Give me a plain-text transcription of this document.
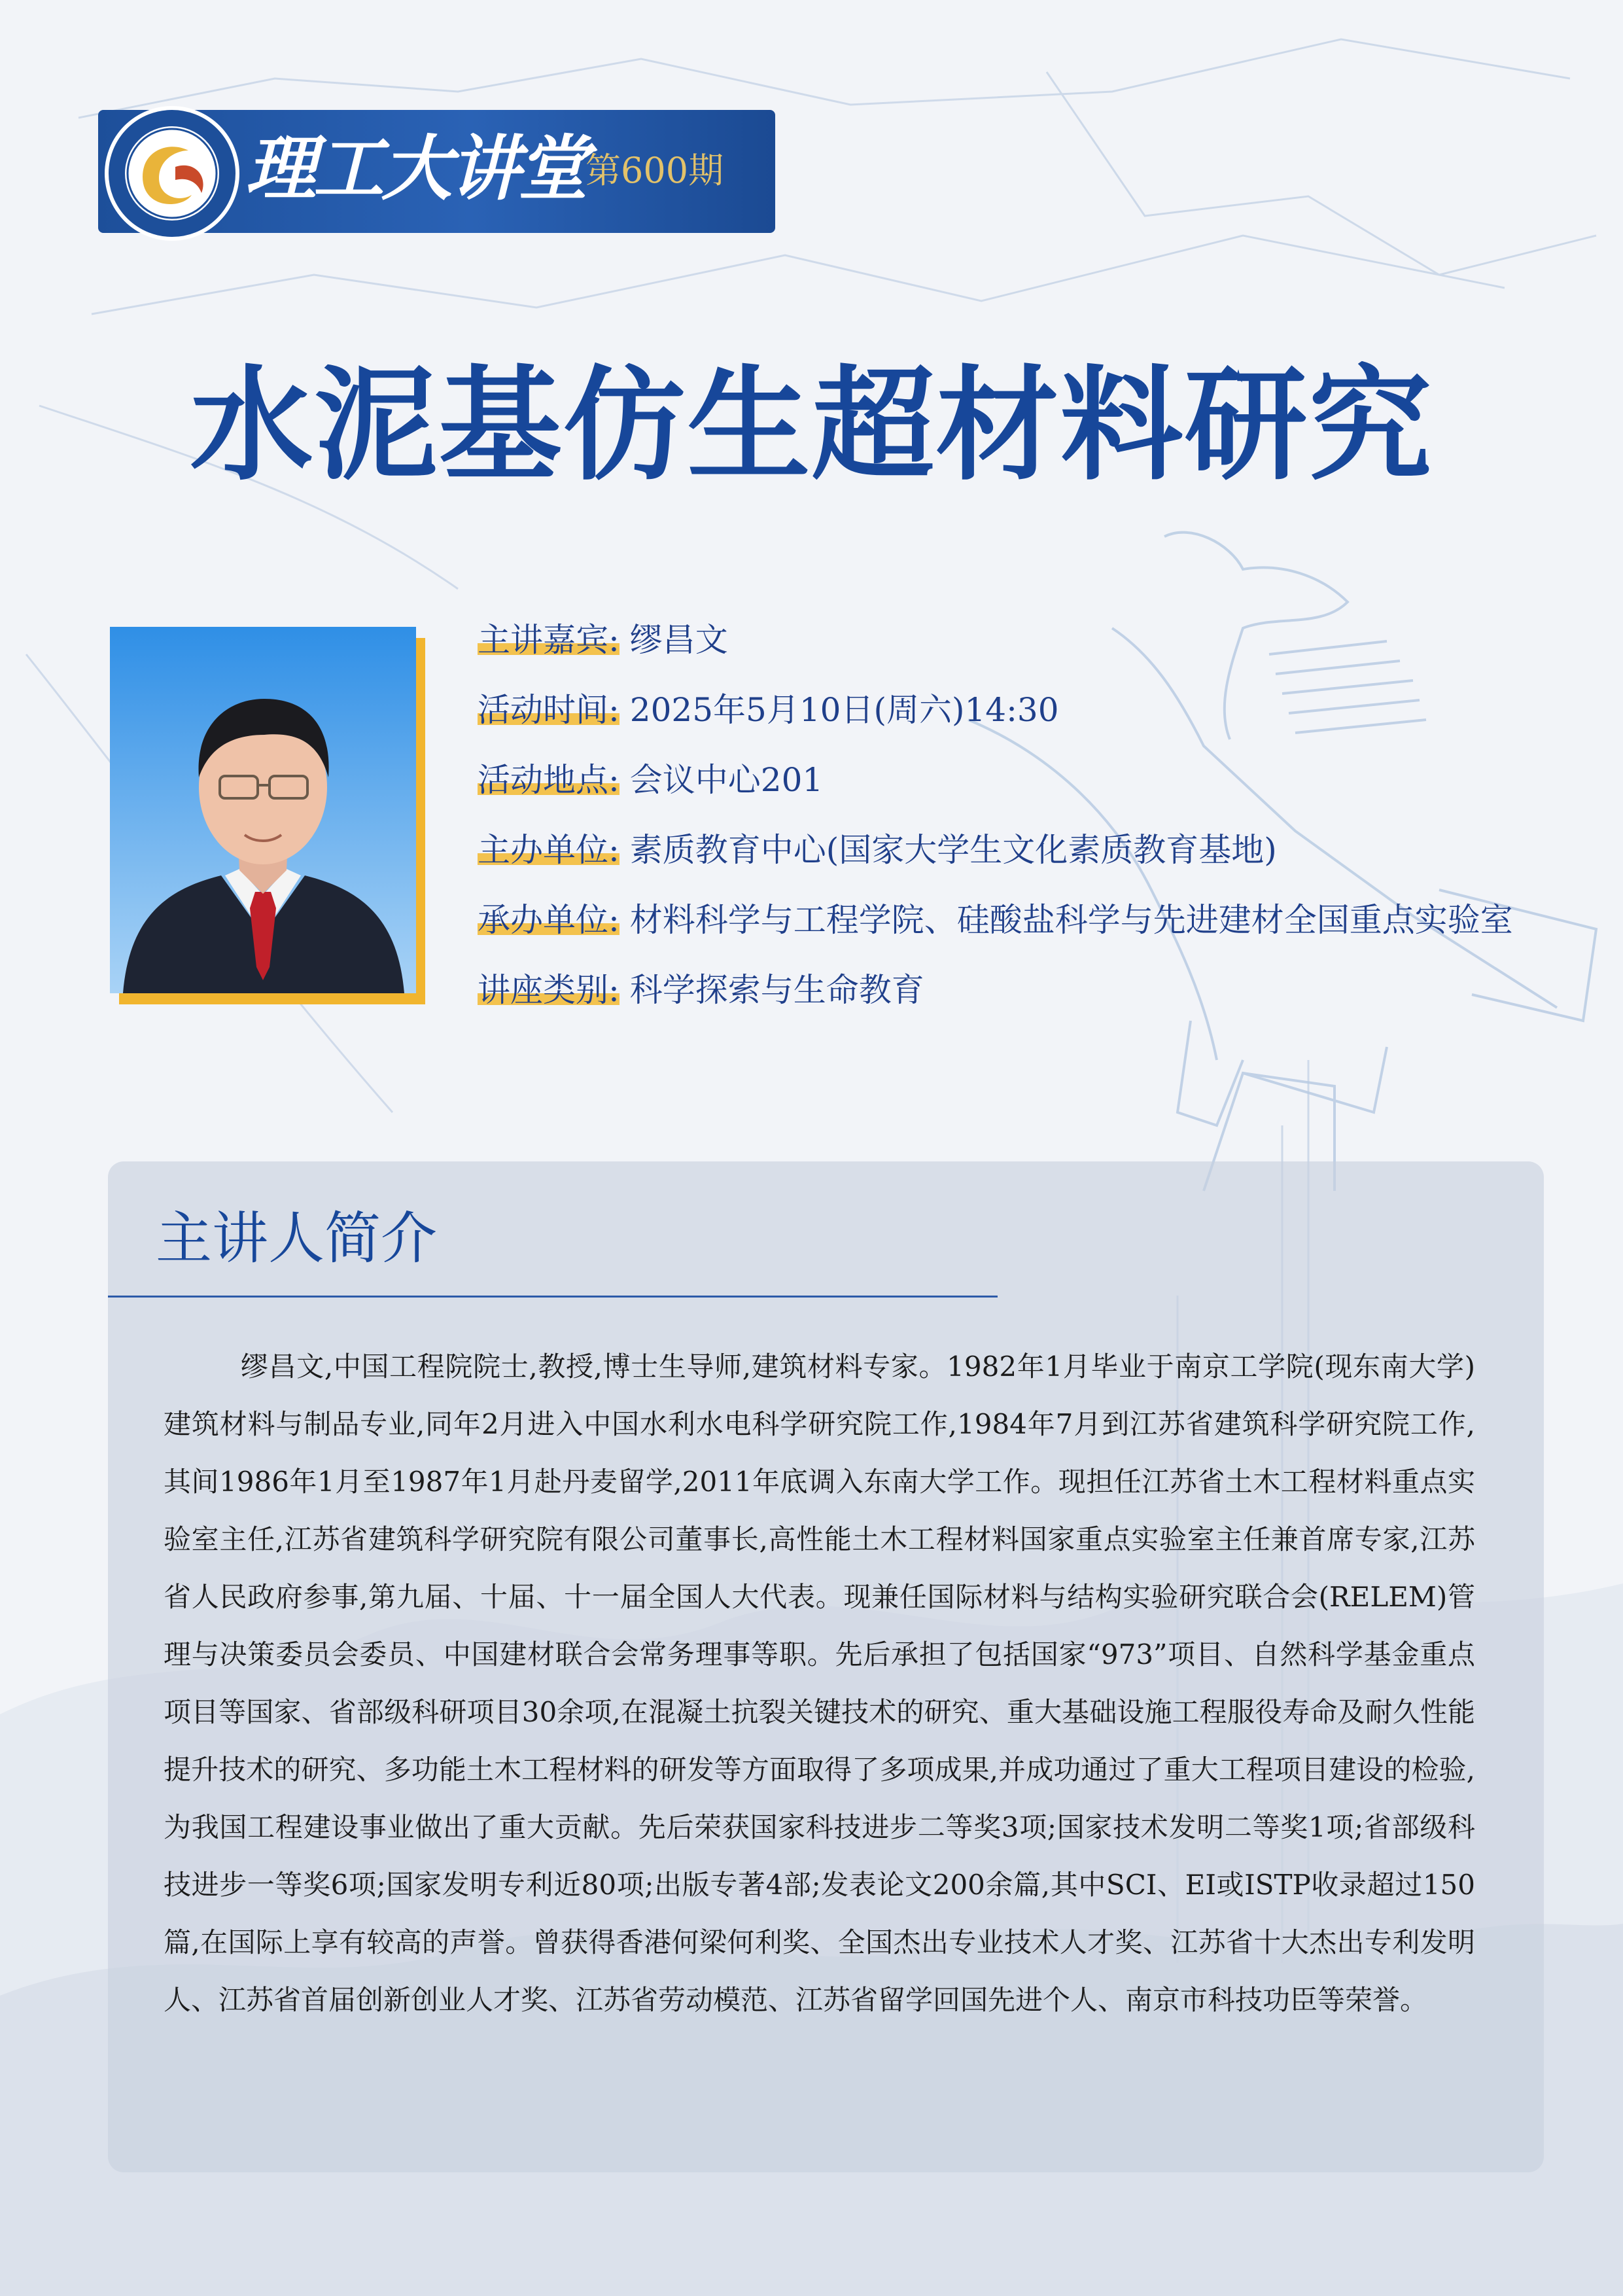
理工大讲堂 第600期
水泥基仿生超材料研究
主讲嘉宾: 缪昌文
活动时间: 2025年5月10日(周六)14:30
活动地点: 会议中心201
主办单位: 素质教育中心(国家大学生文化素质教育基地)
承办单位: 材料科学与工程学院、硅酸盐科学与先进建材全国重点实验室
讲座类别: 科学探索与生命教育
主讲人简介
缪昌文,中国工程院院士,教授,博士生导师,建筑材料专家。1982年1月毕业于南京工学院(现东南大学)建筑材料与制品专业,同年2月进入中国水利水电科学研究院工作,1984年7月到江苏省建筑科学研究院工作,其间1986年1月至1987年1月赴丹麦留学,2011年底调入东南大学工作。现担任江苏省土木工程材料重点实验室主任,江苏省建筑科学研究院有限公司董事长,高性能土木工程材料国家重点实验室主任兼首席专家,江苏省人民政府参事,第九届、十届、十一届全国人大代表。现兼任国际材料与结构实验研究联合会(RELEM)管理与决策委员会委员、中国建材联合会常务理事等职。先后承担了包括国家“973”项目、自然科学基金重点项目等国家、省部级科研项目30余项,在混凝土抗裂关键技术的研究、重大基础设施工程服役寿命及耐久性能提升技术的研究、多功能土木工程材料的研发等方面取得了多项成果,并成功通过了重大工程项目建设的检验,为我国工程建设事业做出了重大贡献。先后荣获国家科技进步二等奖3项;国家技术发明二等奖1项;省部级科技进步一等奖6项;国家发明专利近80项;出版专著4部;发表论文200余篇,其中SCI、EI或ISTP收录超过150篇,在国际上享有较高的声誉。曾获得香港何梁何利奖、全国杰出专业技术人才奖、江苏省十大杰出专利发明人、江苏省首届创新创业人才奖、江苏省劳动模范、江苏省留学回国先进个人、南京市科技功臣等荣誉。
